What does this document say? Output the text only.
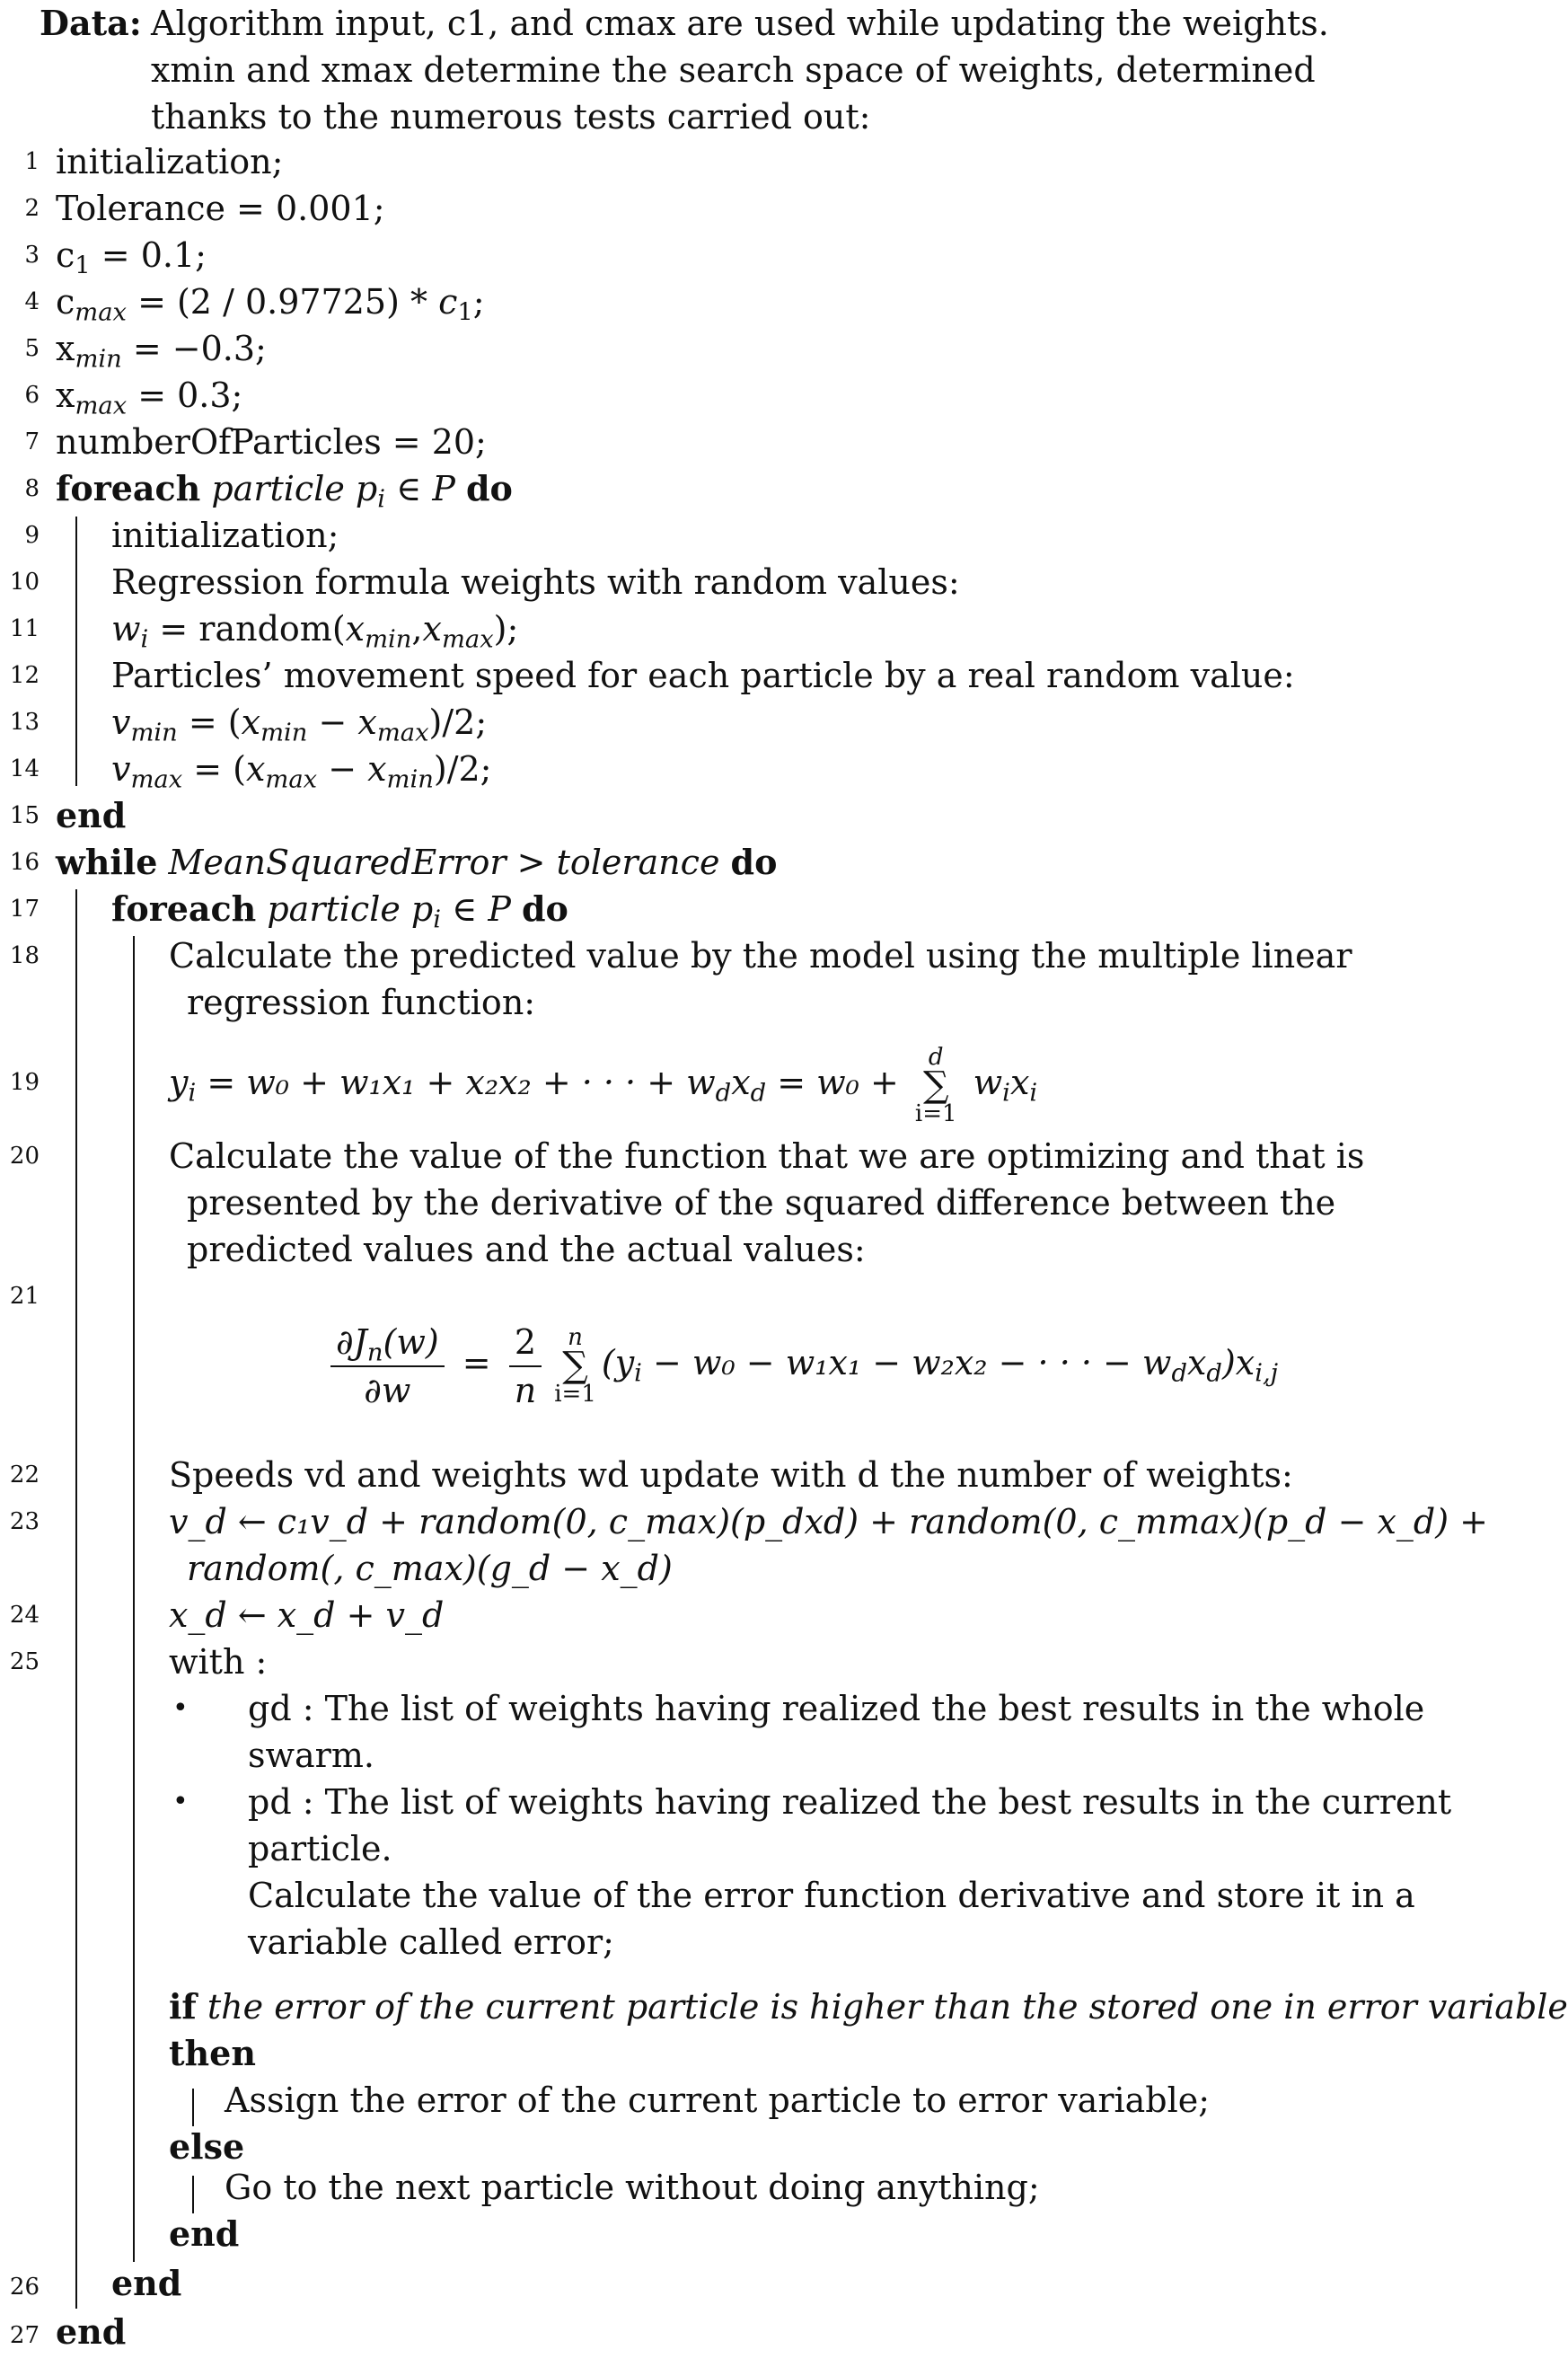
Data: Algorithm input, c1, and cmax are used while updating the weights. xmin and xmax determine the search space of weights, determined thanks to the numerous tests carried out:
1
2
3
4
5
6
7
8
9
10
11
12
13
14
15
16
17
18
19
20
21
22
23
24
25
26
27
initialization;
Tolerance = 0.001;
$c_1 = 0.1$;
$c_{max} = (2 / 0.97725) * c_1$;
$x_{min} = -0.3$;
$x_{max} = 0.3$;
numberOfParticles = 20;
foreach particle $p_i$ ∈ P do
initialization;
Regression formula weights with random values:
$w_i$ = $random(x_{min},x_{max})$;
Particles’ movement speed for each particle by a real random value:
$v_{min} = (x_{min} - x_{max})/2$;
$v_{max} = (x_{max} - x_{min})/2$;
end
while MeanSquaredError > tolerance do
foreach particle $p_i$ ∈ P do
Calculate the predicted value by the model using the multiple linear
regression function:
$y_i = w_0 + w_1x_1 + x_2x_2$ + · · · + $w_dx_d = w_0$ +
d
∑
i=1
$w_ix_i$
Calculate the value of the function that we are optimizing and that is
presented by the derivative of the squared difference between the
predicted values and the actual values:
$\frac{\partial J_n(w)}{\partial w} = \frac{2}{n}$	n
∑
i=1
($y_i - w_0 - w_1x_1 - w_2x_2$ − · · · − $w_dx_d)x_{i,j}$
Speeds vd and weights wd update with d the number of weights:
v_d ← c₁v_d + random(0, c_max)(p_dxd) + random(0, c_mmax)(p_d − x_d) +
random(, c_max)(g_d − x_d)
x_d ← x_d + v_d
with :
• gd : The list of weights having realized the best results in the whole
swarm.
• pd : The list of weights having realized the best results in the current
particle.
Calculate the value of the error function derivative and store it in a
variable called error;
if the error of the current particle is higher than the stored one in error variable
then
Assign the error of the current particle to error variable;
else
Go to the next particle without doing anything;
end
end
end
